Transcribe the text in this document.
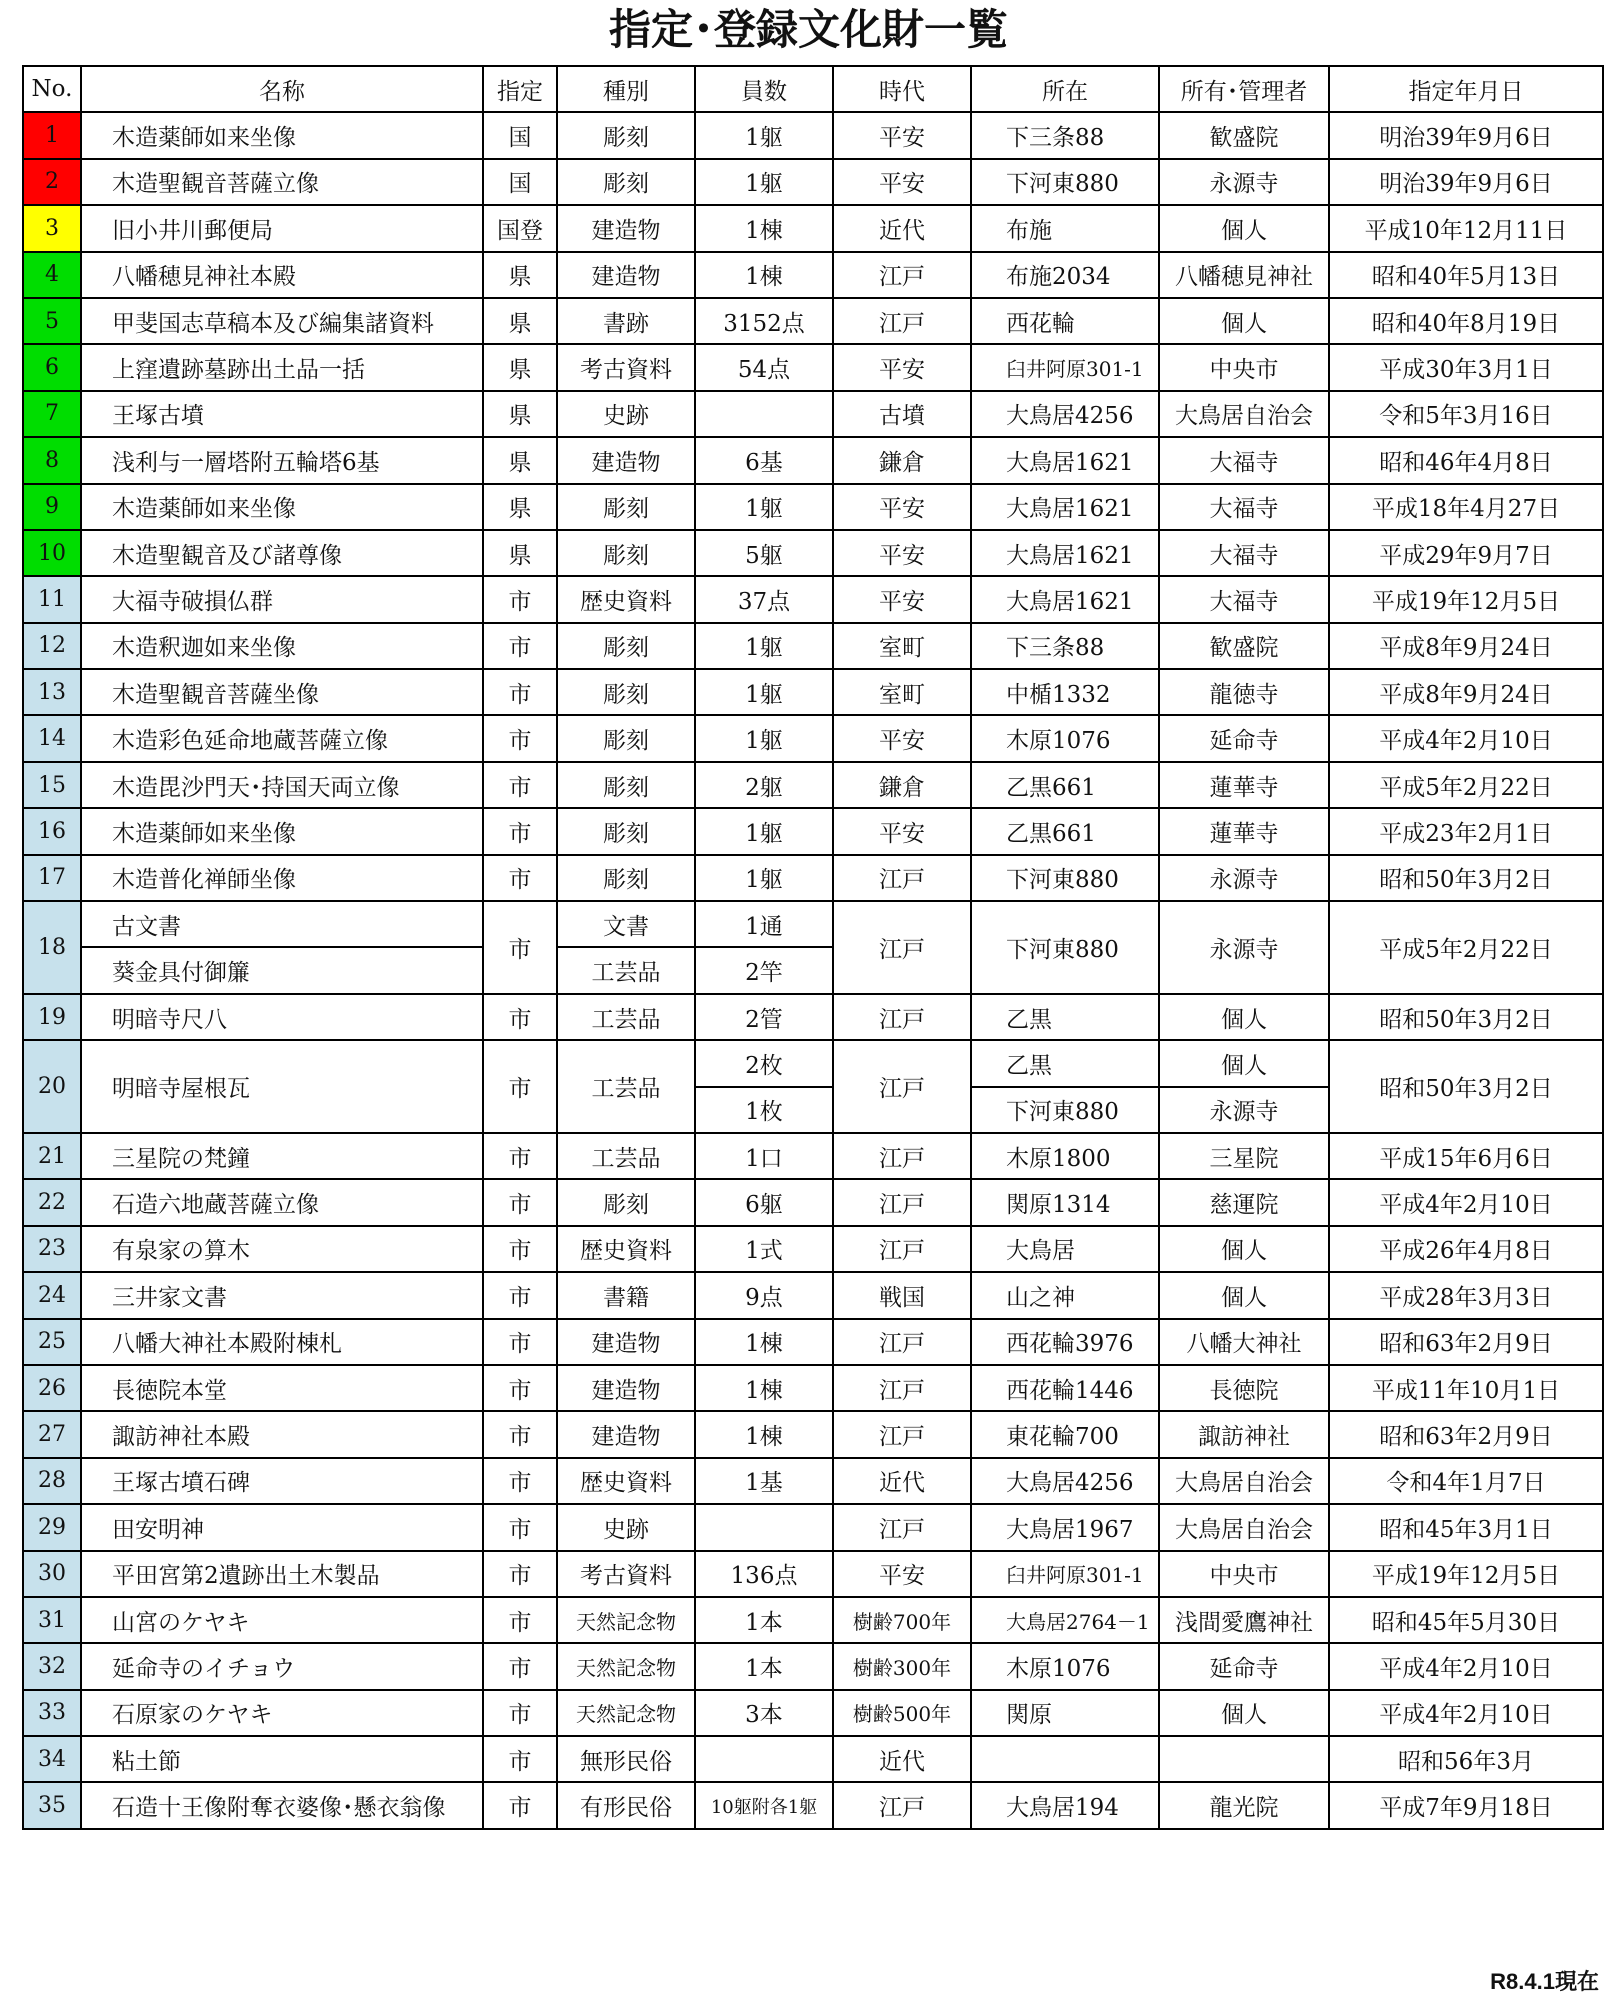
指定･登録文化財一覧
No.	名称	指定	種別	員数	時代	所在	所有･管理者	指定年月日
1	木造薬師如来坐像	国	彫刻	1躯	平安	下三条88	歓盛院	明治39年9月6日
2	木造聖観音菩薩立像	国	彫刻	1躯	平安	下河東880	永源寺	明治39年9月6日
3	旧小井川郵便局	国登	建造物	1棟	近代	布施	個人	平成10年12月11日
4	八幡穂見神社本殿	県	建造物	1棟	江戸	布施2034	八幡穂見神社	昭和40年5月13日
5	甲斐国志草稿本及び編集諸資料	県	書跡	3152点	江戸	西花輪	個人	昭和40年8月19日
6	上窪遺跡墓跡出土品一括	県	考古資料	54点	平安	臼井阿原301-1	中央市	平成30年3月1日
7	王塚古墳	県	史跡		古墳	大鳥居4256	大鳥居自治会	令和5年3月16日
8	浅利与一層塔附五輪塔6基	県	建造物	6基	鎌倉	大鳥居1621	大福寺	昭和46年4月8日
9	木造薬師如来坐像	県	彫刻	1躯	平安	大鳥居1621	大福寺	平成18年4月27日
10	木造聖観音及び諸尊像	県	彫刻	5躯	平安	大鳥居1621	大福寺	平成29年9月7日
11	大福寺破損仏群	市	歴史資料	37点	平安	大鳥居1621	大福寺	平成19年12月5日
12	木造釈迦如来坐像	市	彫刻	1躯	室町	下三条88	歓盛院	平成8年9月24日
13	木造聖観音菩薩坐像	市	彫刻	1躯	室町	中楯1332	龍徳寺	平成8年9月24日
14	木造彩色延命地蔵菩薩立像	市	彫刻	1躯	平安	木原1076	延命寺	平成4年2月10日
15	木造毘沙門天･持国天両立像	市	彫刻	2躯	鎌倉	乙黒661	蓮華寺	平成5年2月22日
16	木造薬師如来坐像	市	彫刻	1躯	平安	乙黒661	蓮華寺	平成23年2月1日
17	木造普化禅師坐像	市	彫刻	1躯	江戸	下河東880	永源寺	昭和50年3月2日
18	古文書	市	文書	1通	江戸	下河東880	永源寺	平成5年2月22日
	葵金具付御簾		工芸品	2竿				
19	明暗寺尺八	市	工芸品	2管	江戸	乙黒	個人	昭和50年3月2日
20	明暗寺屋根瓦	市	工芸品	2枚	江戸	乙黒	個人	昭和50年3月2日
				1枚		下河東880	永源寺	
21	三星院の梵鐘	市	工芸品	1口	江戸	木原1800	三星院	平成15年6月6日
22	石造六地蔵菩薩立像	市	彫刻	6躯	江戸	関原1314	慈運院	平成4年2月10日
23	有泉家の算木	市	歴史資料	1式	江戸	大鳥居	個人	平成26年4月8日
24	三井家文書	市	書籍	9点	戦国	山之神	個人	平成28年3月3日
25	八幡大神社本殿附棟札	市	建造物	1棟	江戸	西花輪3976	八幡大神社	昭和63年2月9日
26	長徳院本堂	市	建造物	1棟	江戸	西花輪1446	長徳院	平成11年10月1日
27	諏訪神社本殿	市	建造物	1棟	江戸	東花輪700	諏訪神社	昭和63年2月9日
28	王塚古墳石碑	市	歴史資料	1基	近代	大鳥居4256	大鳥居自治会	令和4年1月7日
29	田安明神	市	史跡		江戸	大鳥居1967	大鳥居自治会	昭和45年3月1日
30	平田宮第2遺跡出土木製品	市	考古資料	136点	平安	臼井阿原301-1	中央市	平成19年12月5日
31	山宮のケヤキ	市	天然記念物	1本	樹齢700年	大鳥居2764－1	浅間愛鷹神社	昭和45年5月30日
32	延命寺のイチョウ	市	天然記念物	1本	樹齢300年	木原1076	延命寺	平成4年2月10日
33	石原家のケヤキ	市	天然記念物	3本	樹齢500年	関原	個人	平成4年2月10日
34	粘土節	市	無形民俗		近代			昭和56年3月
35	石造十王像附奪衣婆像･懸衣翁像	市	有形民俗	10躯附各1躯	江戸	大鳥居194	龍光院	平成7年9月18日
R8.4.1現在
